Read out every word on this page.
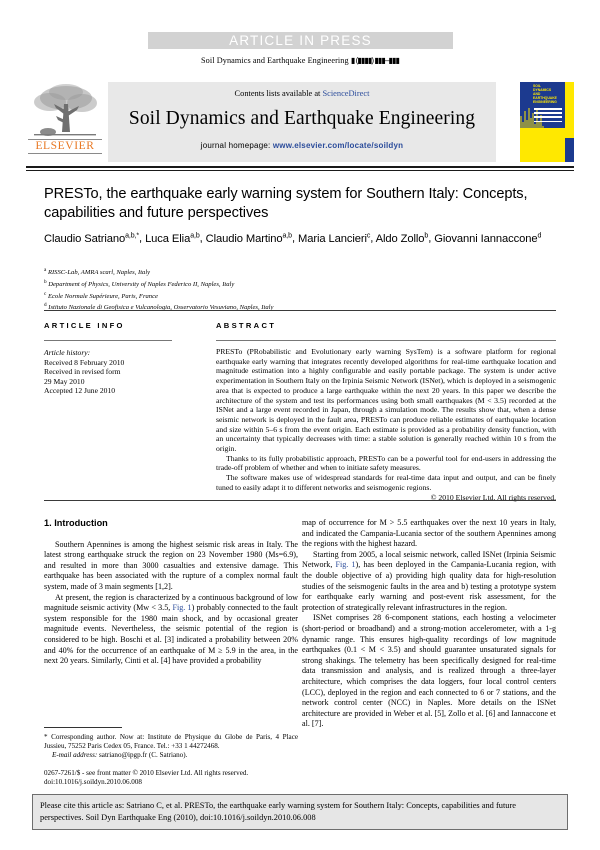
ARTICLE IN PRESS
Soil Dynamics and Earthquake Engineering ▮ (▮▮▮▮) ▮▮▮–▮▮▮
ELSEVIER
Contents lists available at ScienceDirect
Soil Dynamics and Earthquake Engineering
journal homepage: www.elsevier.com/locate/soildyn
SOIL
DYNAMICS
AND
EARTHQUAKE
ENGINEERING
PRESTo, the earthquake early warning system for Southern Italy: Concepts, capabilities and future perspectives
Claudio Satriano$^{a,b,*}$, Luca Elia$^{a,b}$, Claudio Martino$^{a,b}$, Maria Lancieri$^c$, Aldo Zollo$^b$, Giovanni Iannaccone$^d$
$^a$ RISSC-Lab, AMRA scarl, Naples, Italy
$^b$ Department of Physics, University of Naples Federico II, Naples, Italy
$^c$ Ecole Normale Supérieure, Paris, France
$^d$ Istituto Nazionale di Geofisica e Vulcanologia, Osservatorio Vesuviano, Naples, Italy
ARTICLE INFO	ABSTRACT
Article history:
Received 8 February 2010
Received in revised form
29 May 2010
Accepted 12 June 2010

PRESTo (PRobabilistic and Evolutionary early warning SysTem) is a software platform for regional earthquake early warning that integrates recently developed algorithms for real-time earthquake location and magnitude estimation into a highly configurable and easily portable package. The system is under active experimentation in Southern Italy on the Irpinia Seismic Network (ISNet), which is deployed in a seismogenic area that is expected to produce a large earthquake within the next 20 years. In this paper we describe the architecture of the system and test its performances using both small earthquakes (M < 3.5) recorded at the ISNet and a large event recorded in Japan, through a simulation mode. The results show that, when a dense seismic network is deployed in the fault area, PRESTo can produce reliable estimates of earthquake location and size within 5–6 s from the event origin. Each estimate is provided as a probability density function, with an uncertainty that typically decreases with time: a stable solution is generally reached within 10 s from the origin.

Thanks to its fully probabilistic approach, PRESTo can be a powerful tool for end-users in addressing the trade-off problem of whether and when to initiate safety measures.

The software makes use of widespread standards for real-time data input and output, and can be finely tuned to easily adapt it to different networks and seismogenic regions.

© 2010 Elsevier Ltd. All rights reserved.

1. Introduction

Southern Apennines is among the highest seismic risk areas in Italy. The latest strong earthquake struck the region on 23 November 1980 (Ms=6.9), and resulted in more than 3000 casualties and extensive damage. This earthquake has been associated with the rupture of a complex normal fault system, made of 3 main segments [1,2].

At present, the region is characterized by a continuous background of low magnitude seismic activity (Mw < 3.5, Fig. 1) probably connected to the fault system responsible for the 1980 main shock, and by occasional greater magnitude events. Nevertheless, the seismic potential of the region is considered to be high. Boschi et al. [3] indicated a probability between 20% and 40% for the occurrence of an earthquake of M ≥ 5.9 in the area, in the next 20 years. Similarly, Cinti et al. [4] have provided a probability

map of occurrence for M > 5.5 earthquakes over the next 10 years in Italy, and indicated the Campania-Lucania sector of the southern Apennines among the regions with the highest hazard.

Starting from 2005, a local seismic network, called ISNet (Irpinia Seismic Network, Fig. 1), has been deployed in the Campania-Lucania region, with the double objective of a) providing high quality data for high-resolution studies of the seismogenic faults in the area and b) testing a prototype system for earthquake early warning and post-event risk assessment, for the protection of strategically relevant infrastructures in the region.

ISNet comprises 28 6-component stations, each hosting a velocimeter (short-period or broadband) and a strong-motion accelerometer, with a 1-g dynamic range. This ensures high-quality recordings of low magnitude earthquakes (0.1 < M < 3.5) and should guarantee unsaturated signals for strong shakings. The telemetry has been specifically designed for real-time data transmission and analysis, and is realized through a three-layer architecture, which comprises the data loggers, four local control centers (LCC), deployed in the region and each connected to 6 or 7 stations, and the network control center (NCC) in Naples. More details on the ISNet architecture are provided in Weber et al. [5], Zollo et al. [6] and Iannaccone et al. [7].

* Corresponding author. Now at: Institute de Physique du Globe de Paris, 4 Place Jussieu, 75252 Paris Cedex 05, France. Tel.: +33 1 44272468.

E-mail address: satriano@ipgp.fr (C. Satriano).

0267-7261/$ - see front matter © 2010 Elsevier Ltd. All rights reserved.
doi:10.1016/j.soildyn.2010.06.008
Please cite this article as: Satriano C, et al. PRESTo, the earthquake early warning system for Southern Italy: Concepts, capabilities and future perspectives. Soil Dyn Earthquake Eng (2010), doi:10.1016/j.soildyn.2010.06.008
